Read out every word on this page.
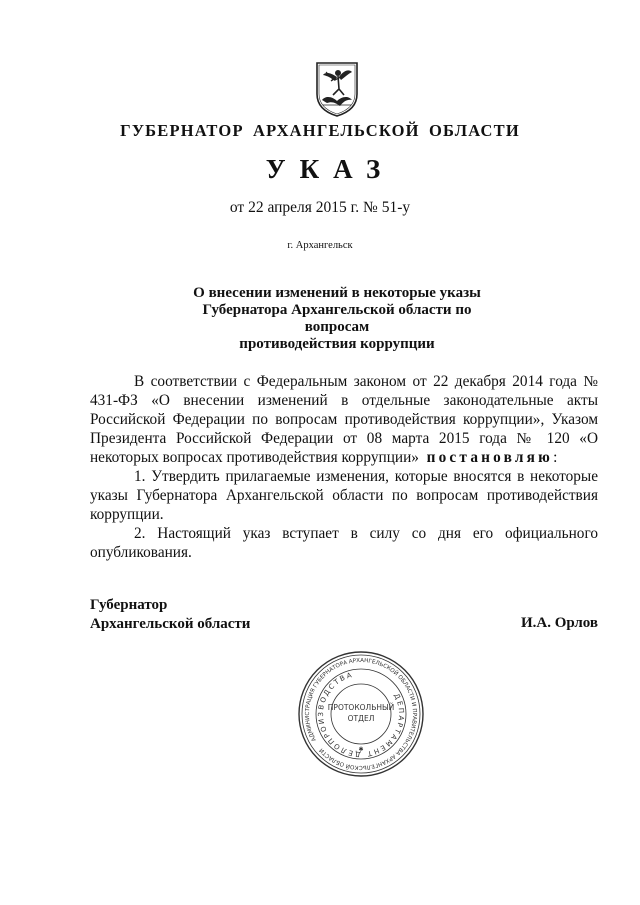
ГУБЕРНАТОР АРХАНГЕЛЬСКОЙ ОБЛАСТИ
УКАЗ
от 22 апреля 2015 г. № 51-у
г. Архангельск
О внесении изменений в некоторые указы
Губернатора Архангельской области по вопросам
противодействия коррупции

В соответствии с Федеральным законом от 22 декабря 2014 года № 431-ФЗ «О внесении изменений в отдельные законодательные акты Российской Федерации по вопросам противодействия коррупции», Указом Президента Российской Федерации от 08 марта 2015 года № 120 «О некоторых вопросах противодействия коррупции» постановляю:

1. Утвердить прилагаемые изменения, которые вносятся в некоторые указы Губернатора Архангельской области по вопросам противодействия коррупции.

2. Настоящий указ вступает в силу со дня его официального опубликования.

Губернатор
Архангельской области	И.А. Орлов
АДМИНИСТРАЦИЯ ГУБЕРНАТОРА АРХАНГЕЛЬСКОЙ ОБЛАСТИ И ПРАВИТЕЛЬСТВА АРХАНГЕЛЬСКОЙ ОБЛАСТИ
ДЕПАРТАМЕНТ ДЕЛОПРОИЗВОДСТВА
ПРОТОКОЛЬНЫЙ
ОТДЕЛ
✱
